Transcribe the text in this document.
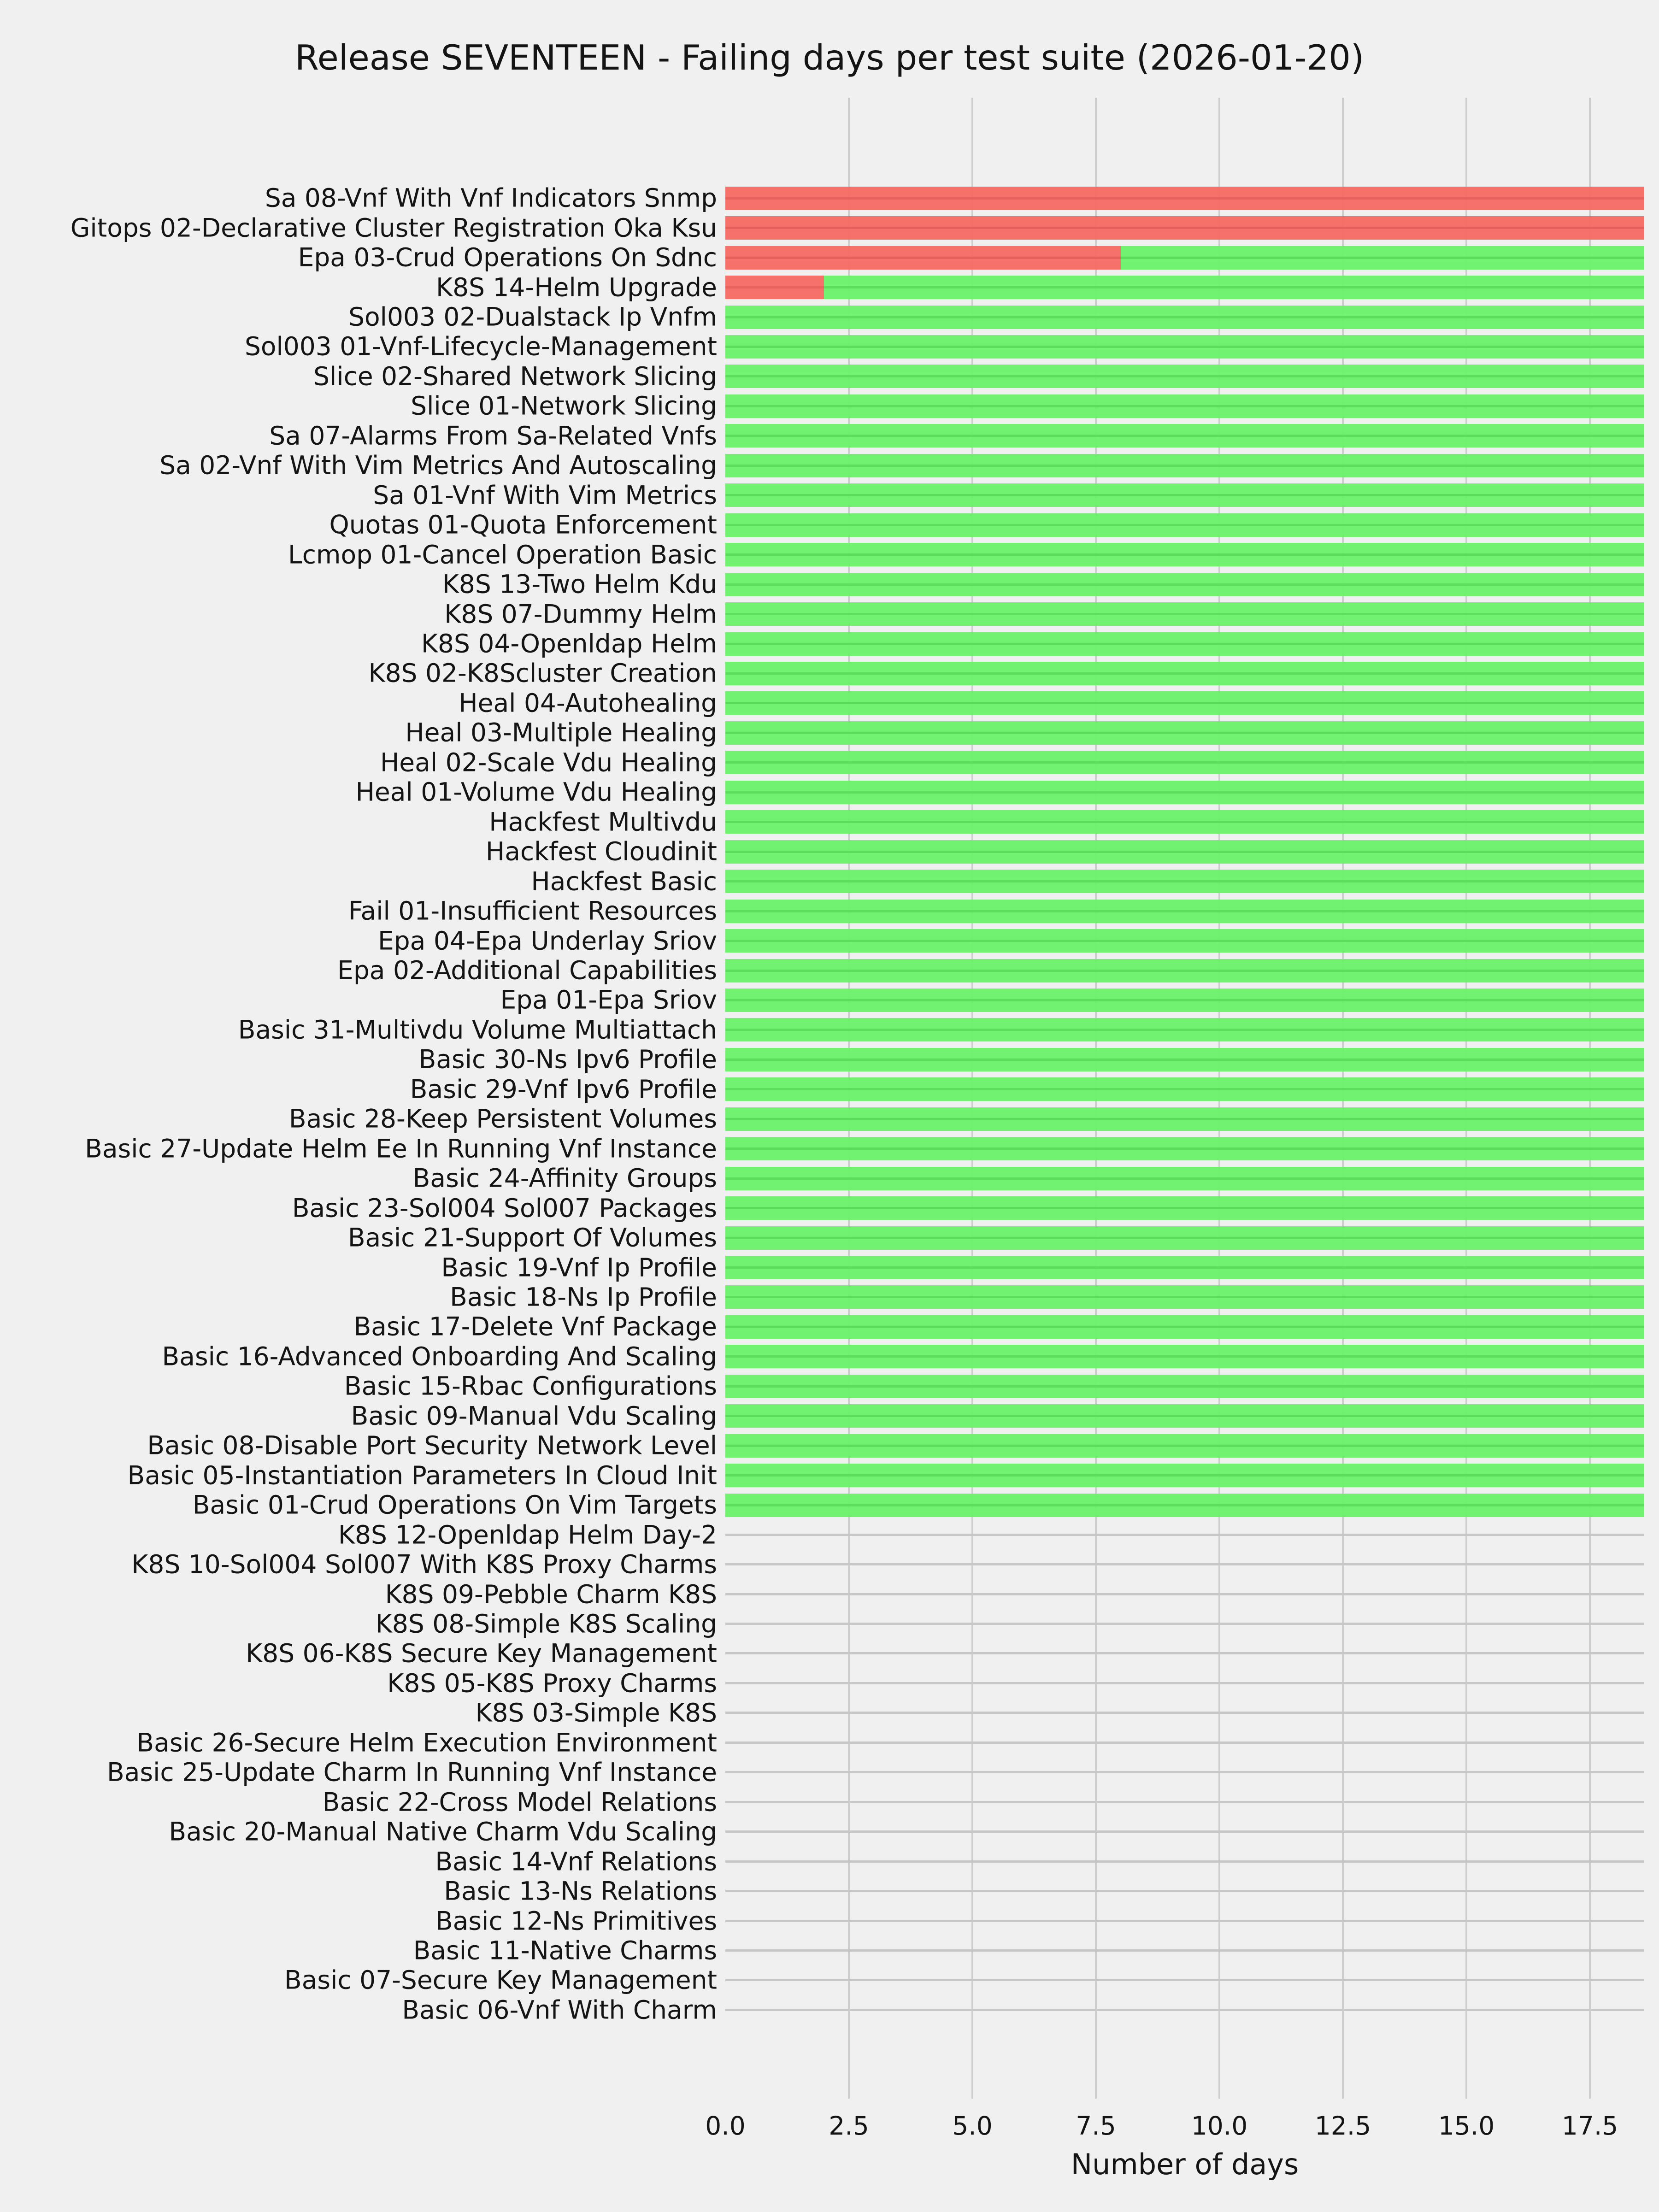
Release SEVENTEEN - Failing days per test suite (2026-01-20)
Sa 08-Vnf With Vnf Indicators Snmp
Gitops 02-Declarative Cluster Registration Oka Ksu
Epa 03-Crud Operations On Sdnc
K8S 14-Helm Upgrade
Sol003 02-Dualstack Ip Vnfm
Sol003 01-Vnf-Lifecycle-Management
Slice 02-Shared Network Slicing
Slice 01-Network Slicing
Sa 07-Alarms From Sa-Related Vnfs
Sa 02-Vnf With Vim Metrics And Autoscaling
Sa 01-Vnf With Vim Metrics
Quotas 01-Quota Enforcement
Lcmop 01-Cancel Operation Basic
K8S 13-Two Helm Kdu
K8S 07-Dummy Helm
K8S 04-Openldap Helm
K8S 02-K8Scluster Creation
Heal 04-Autohealing
Heal 03-Multiple Healing
Heal 02-Scale Vdu Healing
Heal 01-Volume Vdu Healing
Hackfest Multivdu
Hackfest Cloudinit
Hackfest Basic
Fail 01-Insufficient Resources
Epa 04-Epa Underlay Sriov
Epa 02-Additional Capabilities
Epa 01-Epa Sriov
Basic 31-Multivdu Volume Multiattach
Basic 30-Ns Ipv6 Profile
Basic 29-Vnf Ipv6 Profile
Basic 28-Keep Persistent Volumes
Basic 27-Update Helm Ee In Running Vnf Instance
Basic 24-Affinity Groups
Basic 23-Sol004 Sol007 Packages
Basic 21-Support Of Volumes
Basic 19-Vnf Ip Profile
Basic 18-Ns Ip Profile
Basic 17-Delete Vnf Package
Basic 16-Advanced Onboarding And Scaling
Basic 15-Rbac Configurations
Basic 09-Manual Vdu Scaling
Basic 08-Disable Port Security Network Level
Basic 05-Instantiation Parameters In Cloud Init
Basic 01-Crud Operations On Vim Targets
K8S 12-Openldap Helm Day-2
K8S 10-Sol004 Sol007 With K8S Proxy Charms
K8S 09-Pebble Charm K8S
K8S 08-Simple K8S Scaling
K8S 06-K8S Secure Key Management
K8S 05-K8S Proxy Charms
K8S 03-Simple K8S
Basic 26-Secure Helm Execution Environment
Basic 25-Update Charm In Running Vnf Instance
Basic 22-Cross Model Relations
Basic 20-Manual Native Charm Vdu Scaling
Basic 14-Vnf Relations
Basic 13-Ns Relations
Basic 12-Ns Primitives
Basic 11-Native Charms
Basic 07-Secure Key Management
Basic 06-Vnf With Charm
0.0	2.5	5.0	7.5	10.0	12.5	15.0	17.5
Number of days
